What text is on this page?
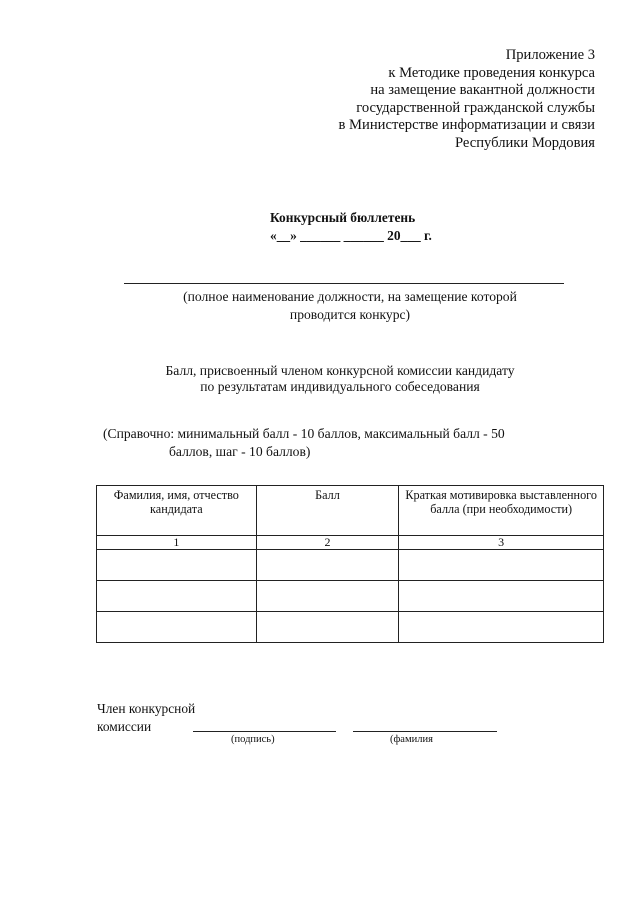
Приложение 3
к Методике проведения конкурса
на замещение вакантной должности
государственной гражданской службы
в Министерстве информатизации и связи
Республики Мордовия
Конкурсный бюллетень
«__» ______ ______ 20___ г.
(полное наименование должности, на замещение которой
проводится конкурс)
Балл, присвоенный членом конкурсной комиссии кандидату
по результатам индивидуального собеседования
(Справочно: минимальный балл - 10 баллов, максимальный балл - 50
баллов, шаг - 10 баллов)
Фамилия, имя, отчество кандидата	Балл	Краткая мотивировка выставленного балла (при необходимости)
1	2	3

Член конкурсной
комиссии
(подпись)	(фамилия
